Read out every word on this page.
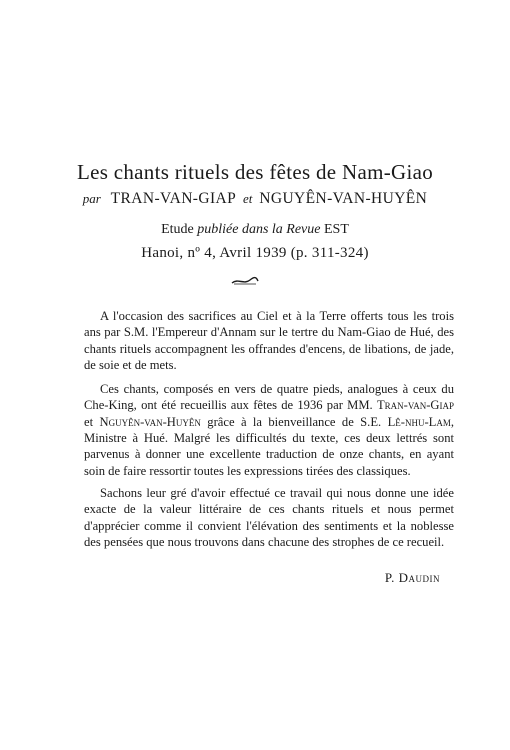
Les chants rituels des fêtes de Nam-Giao
par TRAN-VAN-GIAP et NGUYÊN-VAN-HUYÊN
Etude publiée dans la Revue EST
Hanoi, nº 4, Avril 1939 (p. 311-324)

A l'occasion des sacrifices au Ciel et à la Terre offerts tous les trois ans par S.M. l'Empereur d'Annam sur le tertre du Nam-Giao de Hué, des chants rituels accompagnent les offrandes d'encens, de libations, de jade, de soie et de mets.

Ces chants, composés en vers de quatre pieds, analogues à ceux du Che-King, ont été recueillis aux fêtes de 1936 par MM. Tran-van-Giap et Nguyên-van-Huyên grâce à la bienveillance de S.E. Lê-nhu-Lam, Ministre à Hué. Malgré les difficultés du texte, ces deux lettrés sont parvenus à donner une excellente traduction de onze chants, en ayant soin de faire ressortir toutes les expressions tirées des classiques.

Sachons leur gré d'avoir effectué ce travail qui nous donne une idée exacte de la valeur littéraire de ces chants rituels et nous permet d'apprécier comme il convient l'élévation des sentiments et la noblesse des pensées que nous trouvons dans chacune des strophes de ce recueil.

P. Daudin
